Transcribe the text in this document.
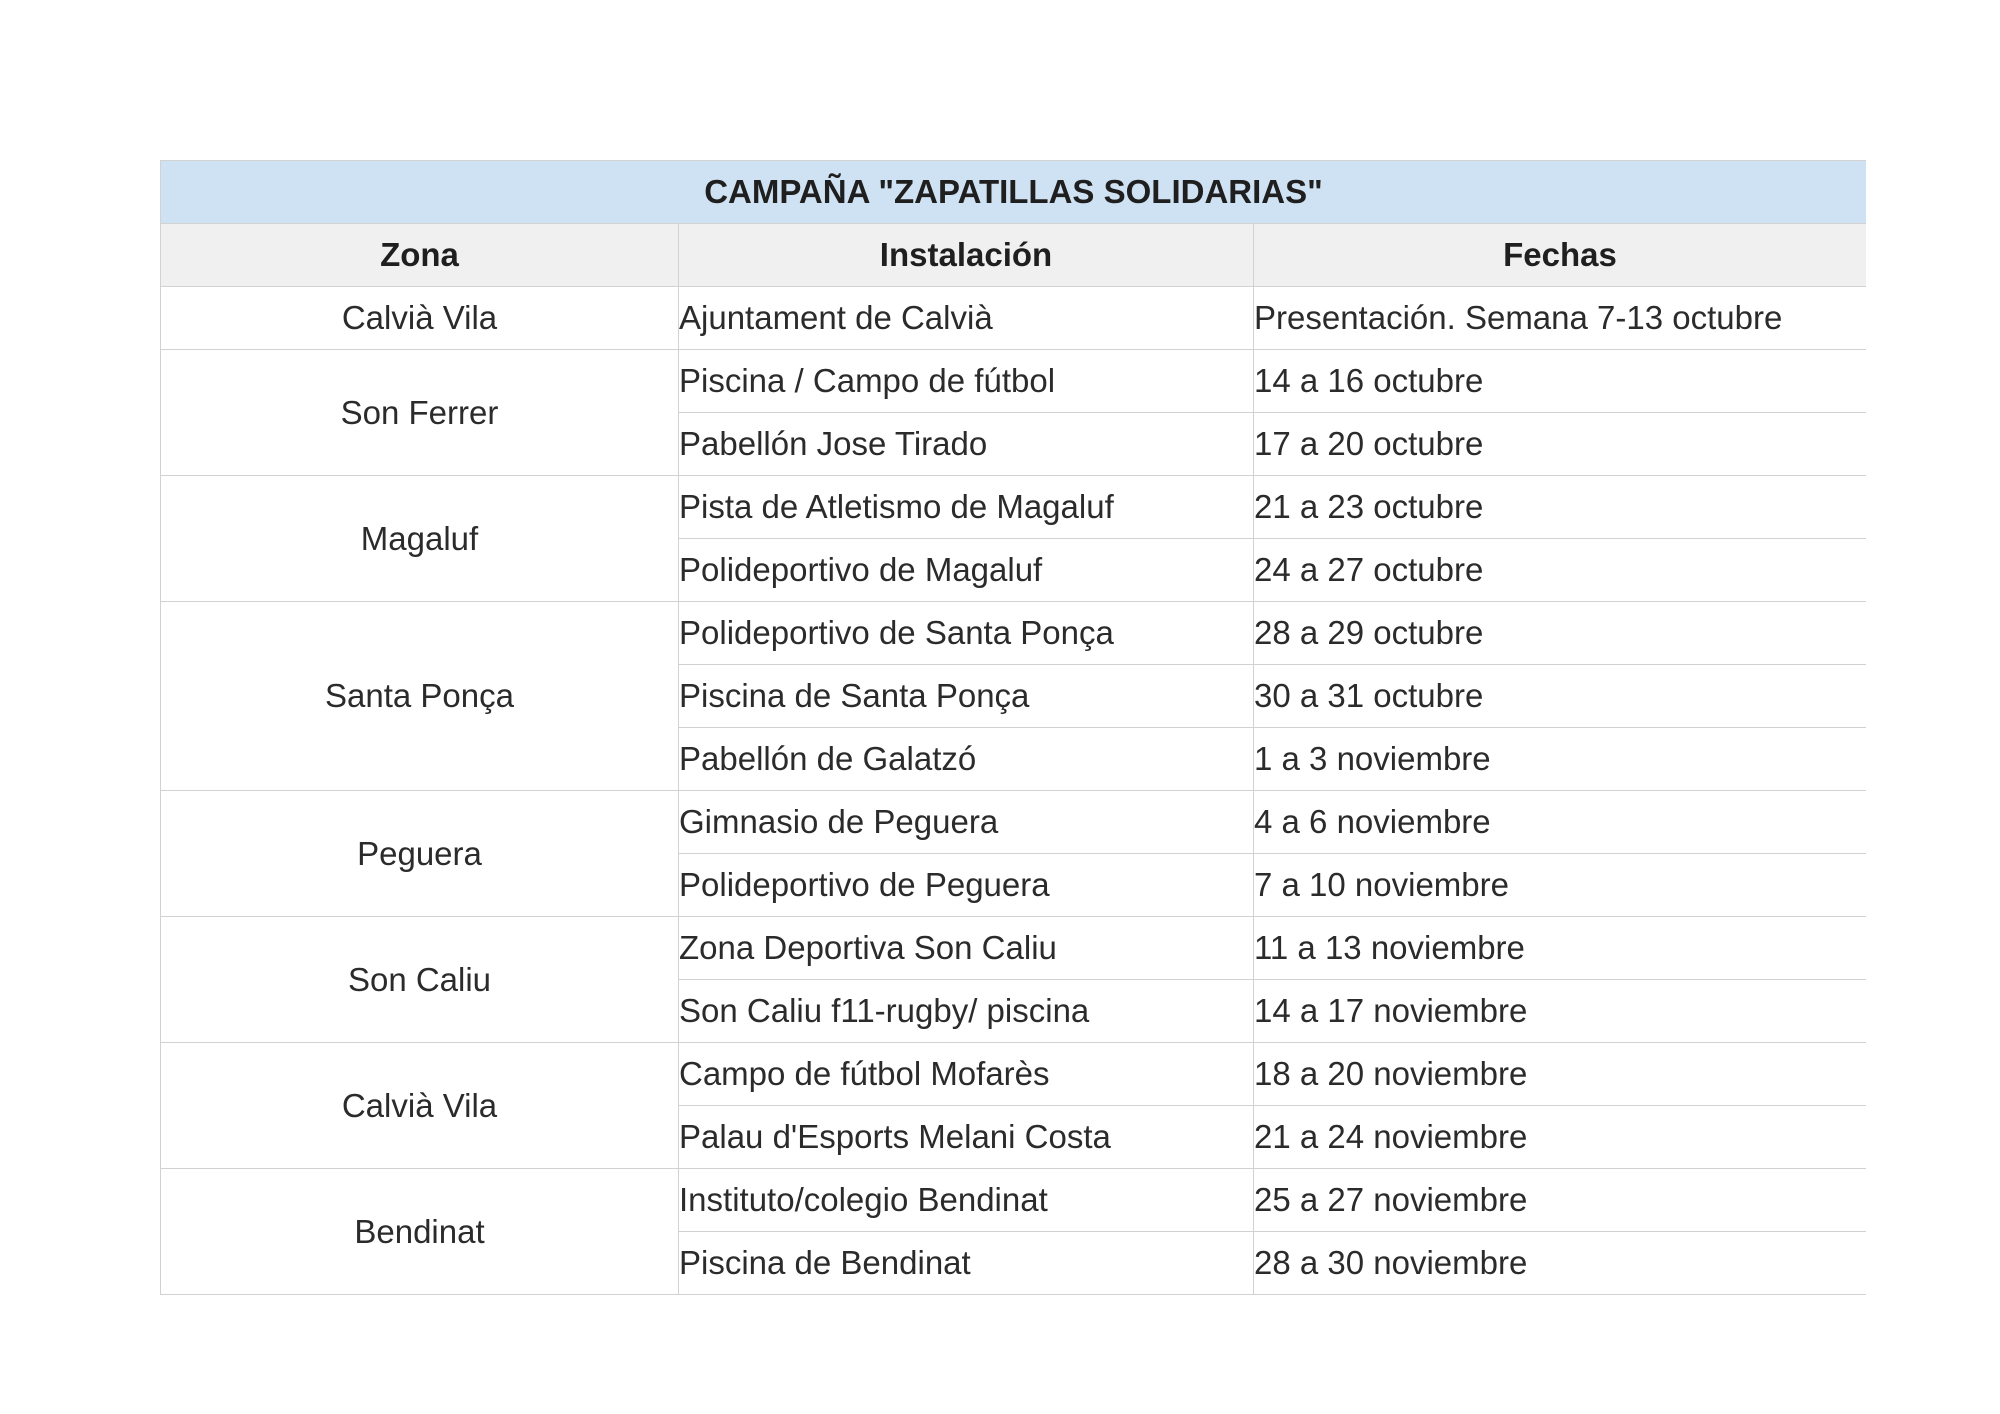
CAMPAÑA "ZAPATILLAS SOLIDARIAS"		
Zona	Instalación	Fechas
Calvià Vila	Ajuntament de Calvià	Presentación. Semana 7-13 octubre
Son Ferrer	Piscina / Campo de fútbol	14 a 16 octubre
	Pabellón Jose Tirado	17 a 20 octubre
Magaluf	Pista de Atletismo de Magaluf	21 a 23 octubre
	Polideportivo de Magaluf	24 a 27 octubre
Santa Ponça	Polideportivo de Santa Ponça	28 a 29 octubre
	Piscina de Santa Ponça	30 a 31 octubre
	Pabellón de Galatzó	1 a 3 noviembre
Peguera	Gimnasio de Peguera	4 a 6 noviembre
	Polideportivo de Peguera	7 a 10 noviembre
Son Caliu	Zona Deportiva Son Caliu	11 a 13 noviembre
	Son Caliu f11-rugby/ piscina	14 a 17 noviembre
Calvià Vila	Campo de fútbol Mofarès	18 a 20 noviembre
	Palau d'Esports Melani Costa	21 a 24 noviembre
Bendinat	Instituto/colegio Bendinat	25 a 27 noviembre
	Piscina de Bendinat	28 a 30 noviembre
